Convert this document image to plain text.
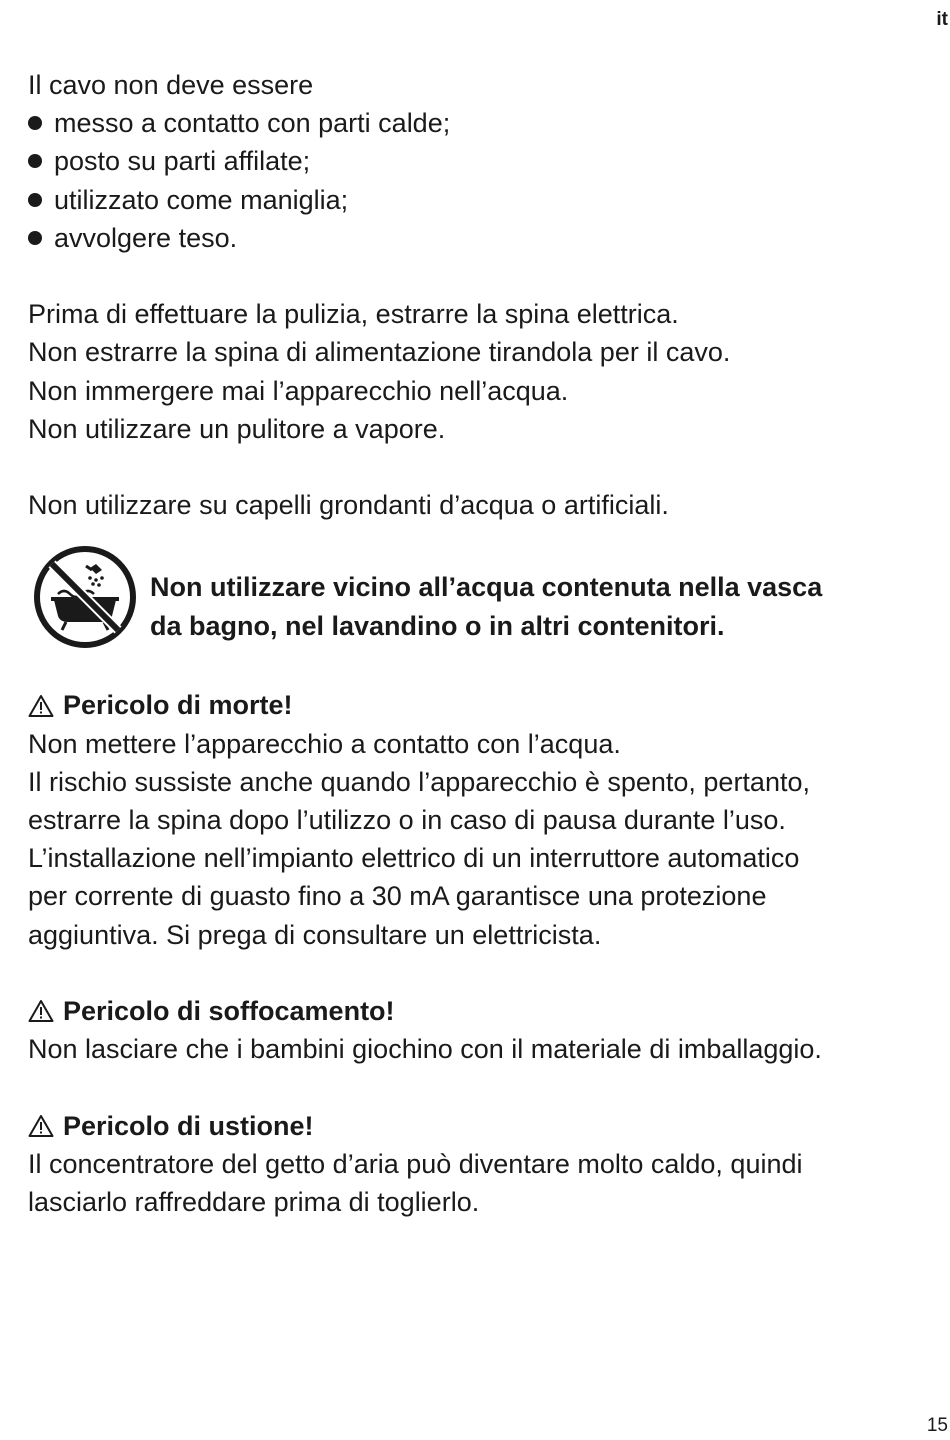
it
Il cavo non deve essere
messo a contatto con parti calde;
posto su parti affilate;
utilizzato come maniglia;
avvolgere teso.
Prima di effettuare la pulizia, estrarre la spina elettrica.
Non estrarre la spina di alimentazione tirandola per il cavo.
Non immergere mai l’apparecchio nell’acqua.
Non utilizzare un pulitore a vapore.
Non utilizzare su capelli grondanti d’acqua o artificiali.
Non utilizzare vicino all’acqua contenuta nella vasca
da bagno, nel lavandino o in altri contenitori.
Pericolo di morte!
Non mettere l’apparecchio a contatto con l’acqua.
Il rischio sussiste anche quando l’apparecchio è spento, pertanto,
estrarre la spina dopo l’utilizzo o in caso di pausa durante l’uso.
L’installazione nell’impianto elettrico di un interruttore automatico
per corrente di guasto fino a 30 mA garantisce una protezione
aggiuntiva. Si prega di consultare un elettricista.
Pericolo di soffocamento!
Non lasciare che i bambini giochino con il materiale di imballaggio.
Pericolo di ustione!
Il concentratore del getto d’aria può diventare molto caldo, quindi
lasciarlo raffreddare prima di toglierlo.
15
